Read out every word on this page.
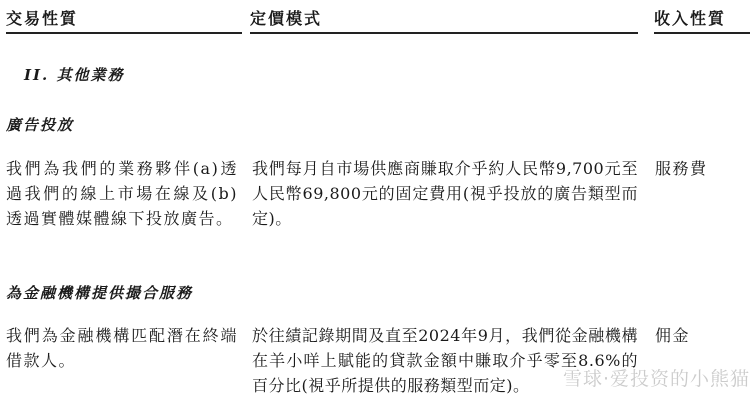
交易性質	定價模式	收入性質
II. 其他業務
廣告投放
我們為我們的業務夥伴(a)透過我們的線上市場在線及(b)透過實體媒體線下投放廣告。
我們每月自市場供應商賺取介乎約人民幣9,700元至人民幣69,800元的固定費用(視乎投放的廣告類型而定)。
服務費
為金融機構提供撮合服務
我們為金融機構匹配潛在終端借款人。
於往績記錄期間及直至2024年9月，我們從金融機構在羊小咩上賦能的貸款金額中賺取介乎零至8.6%的百分比(視乎所提供的服務類型而定)。
佣金
雪球·爱投资的小熊猫
